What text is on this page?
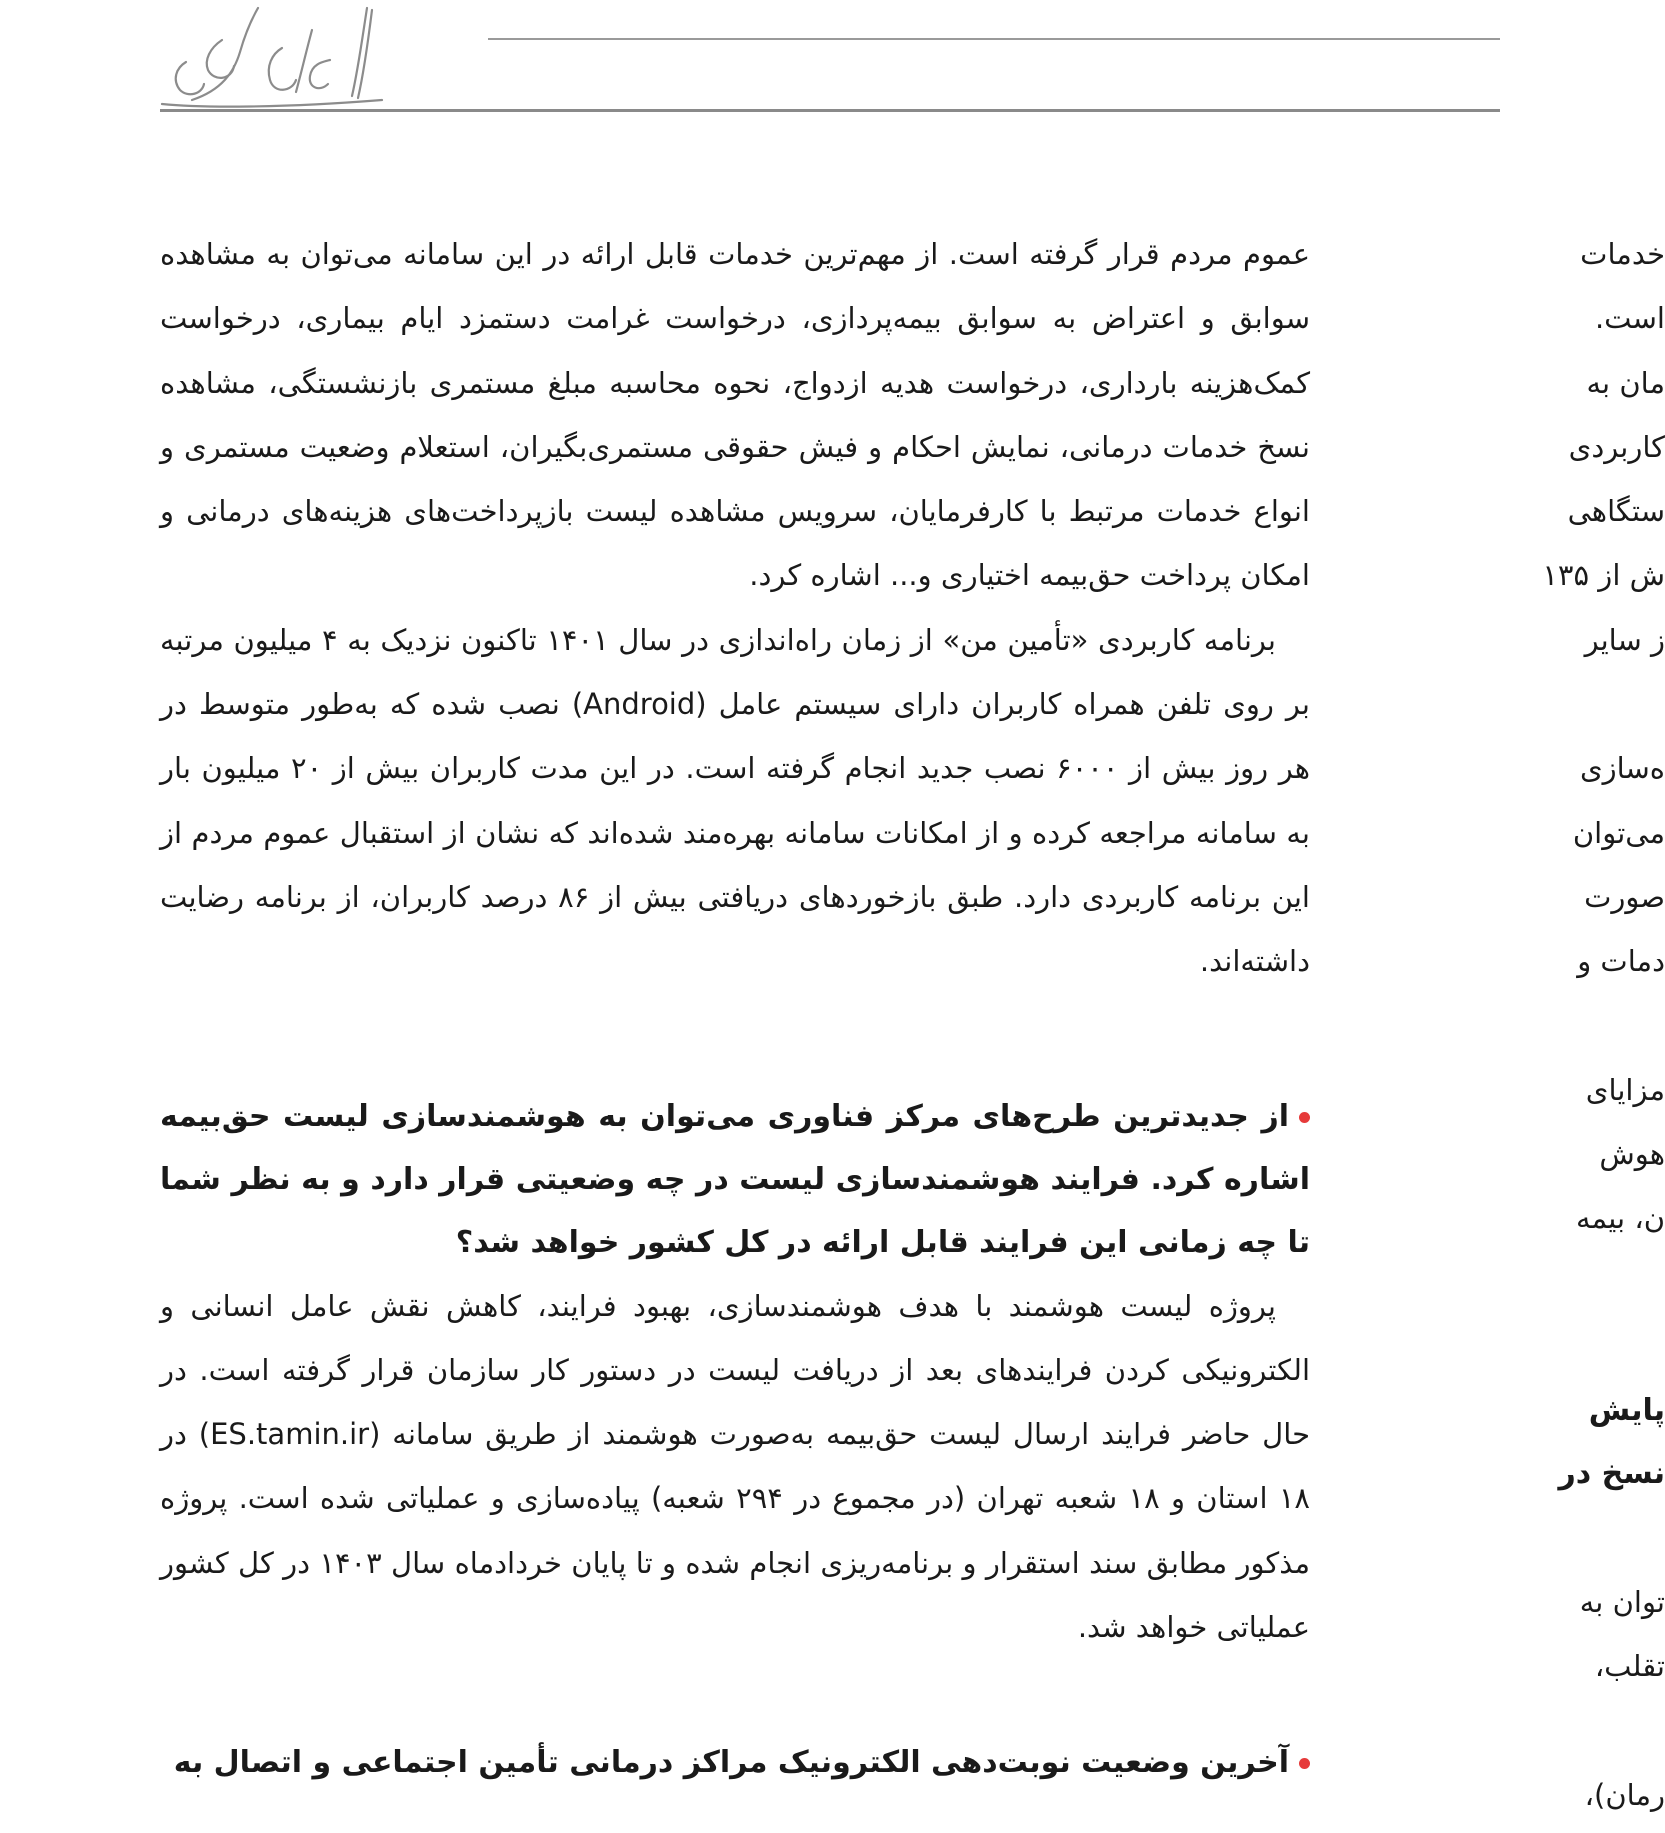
عموم مردم قرار گرفته است. از مهم‌ترین خدمات قابل ارائه در این سامانه می‌توان به مشاهده سوابق و اعتراض به سوابق بیمه‌پردازی، درخواست غرامت دستمزد ایام بیماری، درخواست کمک‌هزینه بارداری، درخواست هدیه ازدواج، نحوه محاسبه مبلغ مستمری بازنشستگی، مشاهده نسخ خدمات درمانی، نمایش احکام و فیش حقوقی مستمری‌بگیران، استعلام وضعیت مستمری و انواع خدمات مرتبط با کارفرمایان، سرویس مشاهده لیست بازپرداخت‌های هزینه‌های درمانی و امکان پرداخت حق‌بیمه اختیاری و... اشاره کرد.

برنامه کاربردی «تأمین من» از زمان راه‌اندازی در سال ۱۴۰۱ تاکنون نزدیک به ۴ میلیون مرتبه بر روی تلفن همراه کاربران دارای سیستم عامل (Android) نصب شده که به‌طور متوسط در هر روز بیش از ۶۰۰۰ نصب جدید انجام گرفته است. در این مدت کاربران بیش از ۲۰ میلیون بار به سامانه مراجعه کرده و از امکانات سامانه بهره‌مند شده‌اند که نشان از استقبال عموم مردم از این برنامه کاربردی دارد. طبق بازخوردهای دریافتی بیش از ۸۶ درصد کاربران، از برنامه رضایت داشته‌اند.

از جدیدترین طرح‌های مرکز فناوری می‌توان به هوشمندسازی لیست حق‌بیمه اشاره کرد. فرایند هوشمندسازی لیست در چه وضعیتی قرار دارد و به نظر شما تا چه زمانی این فرایند قابل ارائه در کل کشور خواهد شد؟

پروژه لیست هوشمند با هدف هوشمندسازی، بهبود فرایند، کاهش نقش عامل انسانی و الکترونیکی کردن فرایندهای بعد از دریافت لیست در دستور کار سازمان قرار گرفته است. در حال حاضر فرایند ارسال لیست حق‌بیمه به‌صورت هوشمند از طریق سامانه (ES.tamin.ir) در ۱۸ استان و ۱۸ شعبه تهران (در مجموع در ۲۹۴ شعبه) پیاده‌سازی و عملیاتی شده است. پروژه مذکور مطابق سند استقرار و برنامه‌ریزی انجام شده و تا پایان خردادماه سال ۱۴۰۳ در کل کشور عملیاتی خواهد شد.

آخرین وضعیت نوبت‌دهی الکترونیک مراکز درمانی تأمین اجتماعی و اتصال به

خدمات
است.
مان به
کاربردی
ستگاهی
ش از ۱۳۵
ز سایر
ه‌سازی
می‌توان
صورت
دمات و
مزایای
هوش
ن، بیمه
پایش
نسخ در
توان به
تقلب،
رمان)،
